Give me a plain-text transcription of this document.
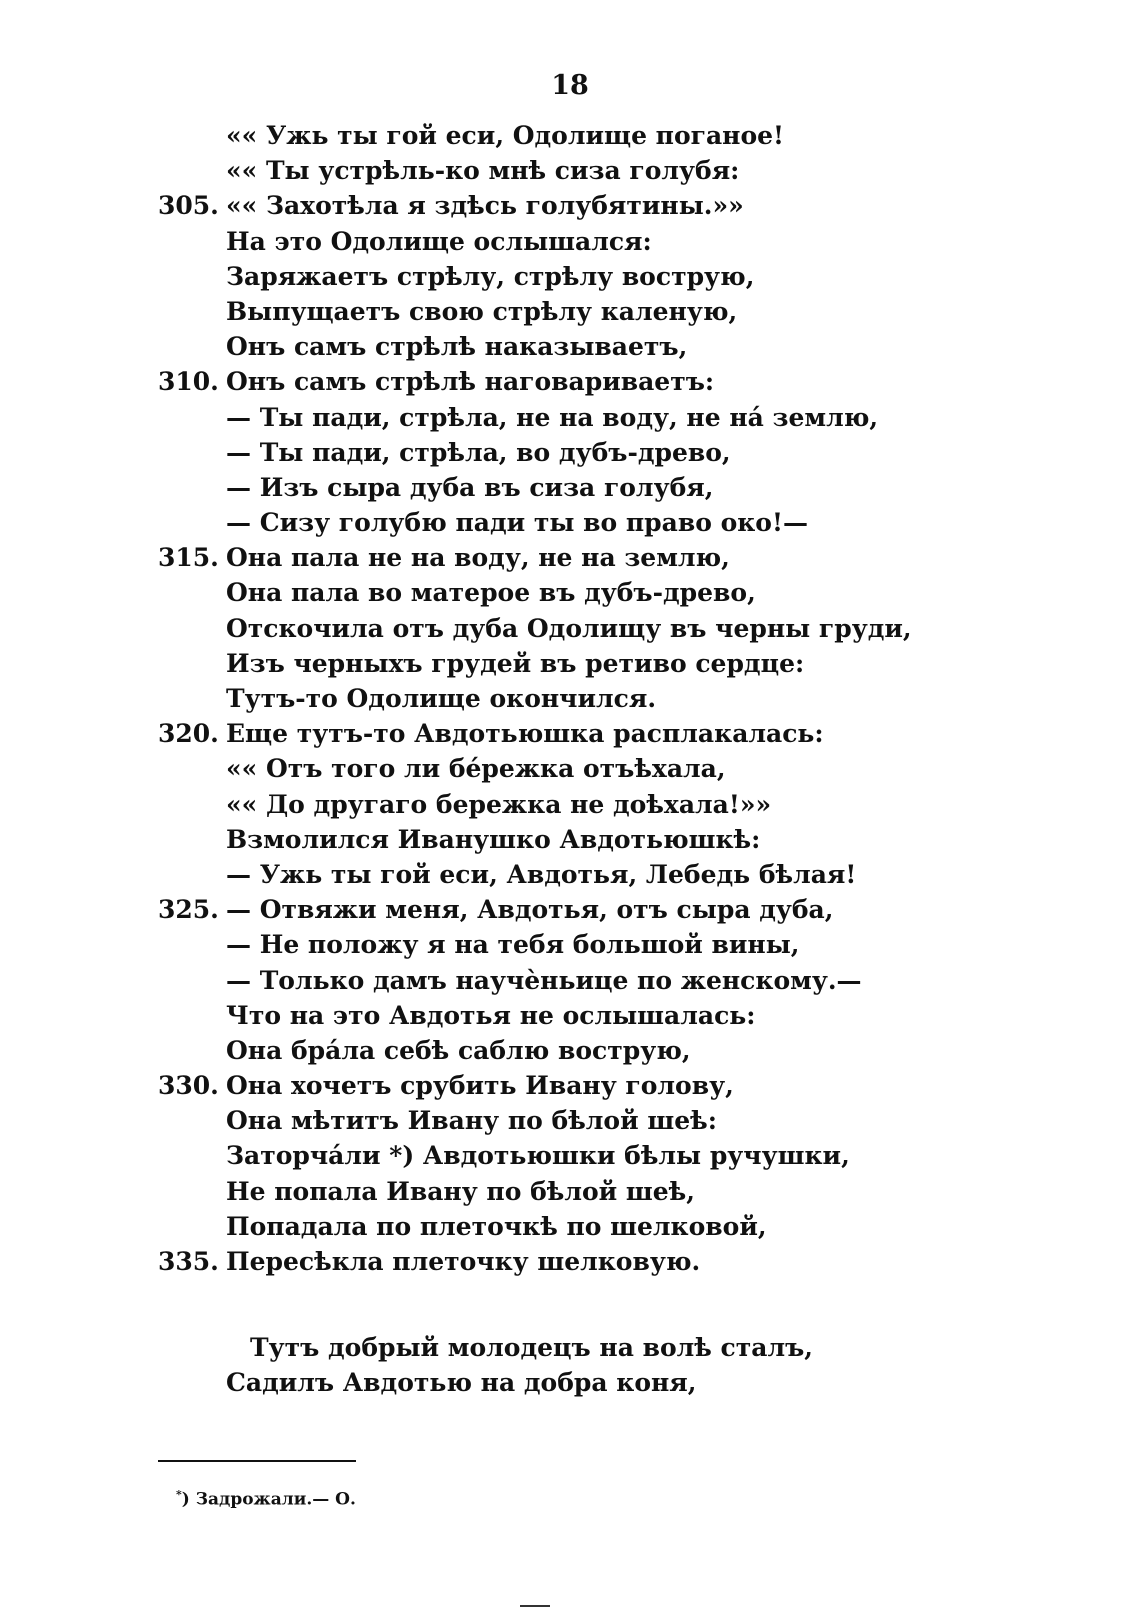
18
«« Ужь ты гой еси, Одолище поганое!
«« Ты устрѣль-ко мнѣ сиза голубя:
305. «« Захотѣла я здѣсь голубятины.»»
На это Одолище ослышался:
Заряжаетъ стрѣлу, стрѣлу вострую,
Выпущаетъ свою стрѣлу каленую,
Онъ самъ стрѣлѣ наказываетъ,
310. Онъ самъ стрѣлѣ наговариваетъ:
— Ты пади, стрѣла, не на воду, не на́ землю,
— Ты пади, стрѣла, во дубъ-древо,
— Изъ сыра дуба въ сиза голубя,
— Сизу голубю пади ты во право око!—
315. Она пала не на воду, не на землю,
Она пала во матерое въ дубъ-древо,
Отскочила отъ дуба Одолищу въ черны груди,
Изъ черныхъ грудей въ ретиво сердце:
Тутъ-то Одолище окончился.
320. Еще тутъ-то Авдотьюшка расплакалась:
«« Отъ того ли бе́режка отъѣхала,
«« До другаго бережка не доѣхала!»»
Взмолился Иванушко Авдотьюшкѣ:
— Ужь ты гой еси, Авдотья, Лебедь бѣлая!
325. — Отвяжи меня, Авдотья, отъ сыра дуба,
— Не положу я на тебя большой вины,
— Только дамъ научѐньице по женскому.—
Что на это Авдотья не ослышалась:
Она бра́ла себѣ саблю вострую,
330. Она хочетъ срубить Ивану голову,
Она мѣтитъ Ивану по бѣлой шеѣ:
Заторча́ли *) Авдотьюшки бѣлы ручушки,
Не попала Ивану по бѣлой шеѣ,
Попадала по плеточкѣ по шелковой,
335. Пересѣкла плеточку шелковую.
Тутъ добрый молодецъ на волѣ сталъ,
Садилъ Авдотью на добра коня,
*) Задрожали.— О.
